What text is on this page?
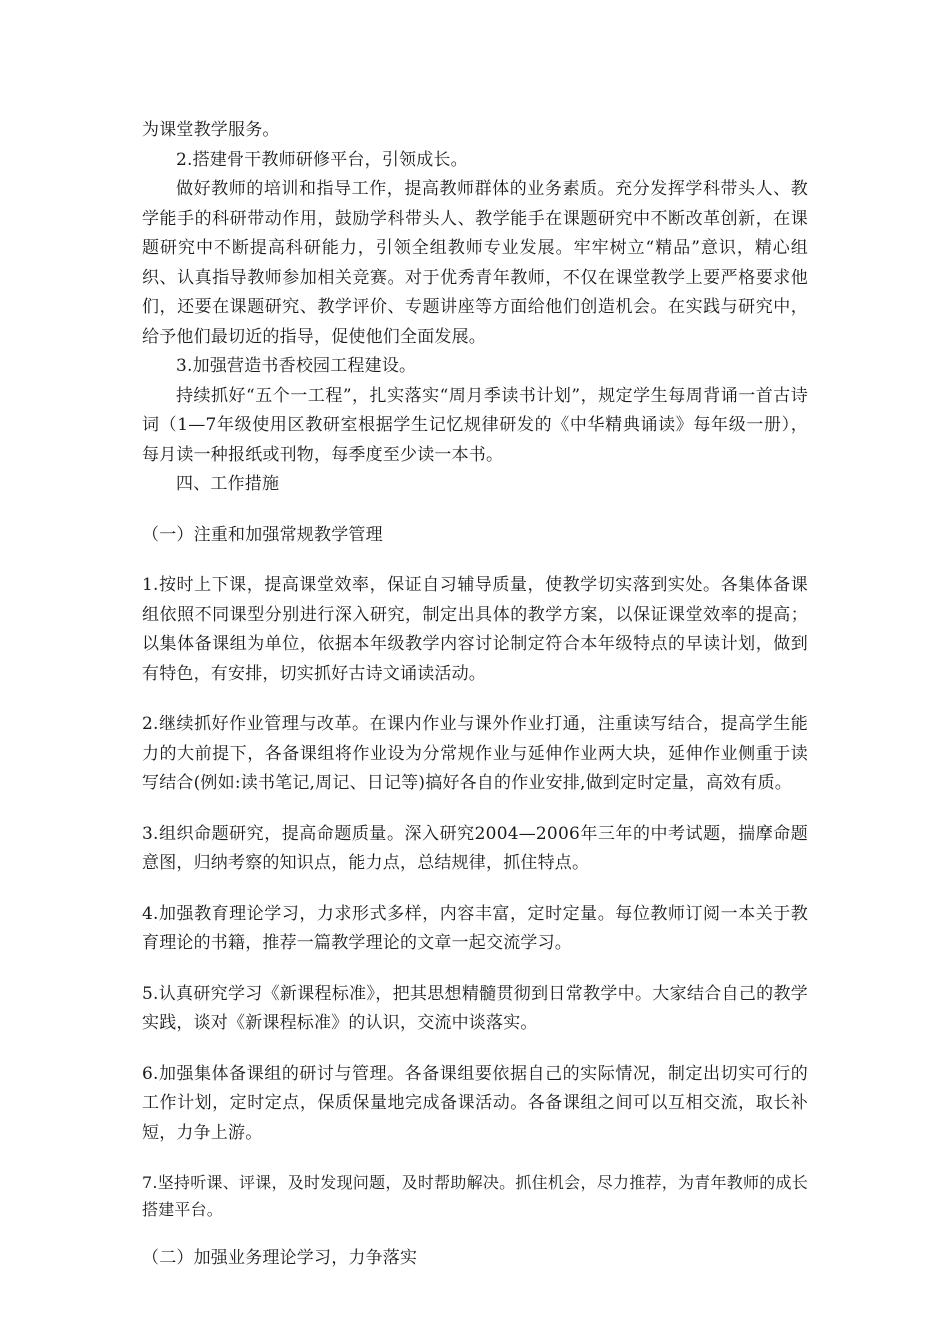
为课堂教学服务。

2.搭建骨干教师研修平台，引领成长。

做好教师的培训和指导工作，提高教师群体的业务素质。充分发挥学科带头人、教学能手的科研带动作用，鼓励学科带头人、教学能手在课题研究中不断改革创新，在课题研究中不断提高科研能力，引领全组教师专业发展。牢牢树立“精品”意识，精心组织、认真指导教师参加相关竞赛。对于优秀青年教师，不仅在课堂教学上要严格要求他们，还要在课题研究、教学评价、专题讲座等方面给他们创造机会。在实践与研究中，给予他们最切近的指导，促使他们全面发展。

3.加强营造书香校园工程建设。

持续抓好“五个一工程”，扎实落实“周月季读书计划”，规定学生每周背诵一首古诗词（1—7年级使用区教研室根据学生记忆规律研发的《中华精典诵读》每年级一册），每月读一种报纸或刊物，每季度至少读一本书。

四、工作措施

（一）注重和加强常规教学管理

1.按时上下课，提高课堂效率，保证自习辅导质量，使教学切实落到实处。各集体备课组依照不同课型分别进行深入研究，制定出具体的教学方案，以保证课堂效率的提高；以集体备课组为单位，依据本年级教学内容讨论制定符合本年级特点的早读计划，做到有特色，有安排，切实抓好古诗文诵读活动。

2.继续抓好作业管理与改革。在课内作业与课外作业打通，注重读写结合，提高学生能力的大前提下，各备课组将作业设为分常规作业与延伸作业两大块，延伸作业侧重于读写结合(例如:读书笔记,周记、日记等)搞好各自的作业安排,做到定时定量，高效有质。

3.组织命题研究，提高命题质量。深入研究2004—2006年三年的中考试题，揣摩命题意图，归纳考察的知识点，能力点，总结规律，抓住特点。

4.加强教育理论学习，力求形式多样，内容丰富，定时定量。每位教师订阅一本关于教育理论的书籍，推荐一篇教学理论的文章一起交流学习。

5.认真研究学习《新课程标准》，把其思想精髓贯彻到日常教学中。大家结合自己的教学实践，谈对《新课程标准》的认识，交流中谈落实。

6.加强集体备课组的研讨与管理。各备课组要依据自己的实际情况，制定出切实可行的工作计划，定时定点，保质保量地完成备课活动。各备课组之间可以互相交流，取长补短，力争上游。

7.坚持听课、评课，及时发现问题，及时帮助解决。抓住机会，尽力推荐，为青年教师的成长搭建平台。

（二）加强业务理论学习，力争落实
